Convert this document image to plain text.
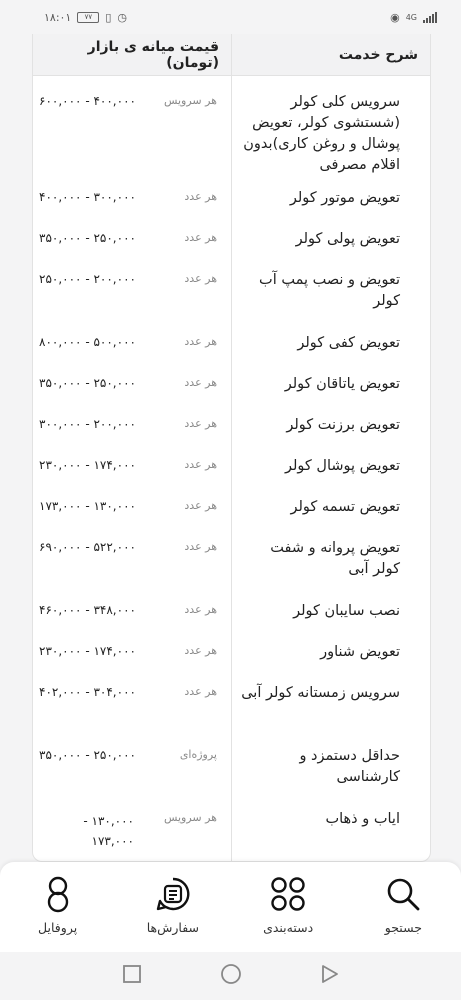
۱۸:۰۱	۷۷	▯ ◷	◉ 4G
شرح خدمت
قیمت میانه ی بازار (تومان)
سرویس کلی کولر (شستشوی کولر، تعویض پوشال و روغن کاری)بدون اقلام مصرفی
هر سرویس
۴۰۰,۰۰۰ - ۶۰۰,۰۰۰
تعویض موتور کولر
هر عدد
۳۰۰,۰۰۰ - ۴۰۰,۰۰۰
تعویض پولی کولر
هر عدد
۲۵۰,۰۰۰ - ۳۵۰,۰۰۰
تعویض و نصب پمپ آب کولر
هر عدد
۲۰۰,۰۰۰ - ۲۵۰,۰۰۰
تعویض کفی کولر
هر عدد
۵۰۰,۰۰۰ - ۸۰۰,۰۰۰
تعویض یاتاقان کولر
هر عدد
۲۵۰,۰۰۰ - ۳۵۰,۰۰۰
تعویض برزنت کولر
هر عدد
۲۰۰,۰۰۰ - ۳۰۰,۰۰۰
تعویض پوشال کولر
هر عدد
۱۷۴,۰۰۰ - ۲۳۰,۰۰۰
تعویض تسمه کولر
هر عدد
۱۳۰,۰۰۰ - ۱۷۳,۰۰۰
تعویض پروانه و شفت کولر آبی
هر عدد
۵۲۲,۰۰۰ - ۶۹۰,۰۰۰
نصب سایبان کولر
هر عدد
۳۴۸,۰۰۰ - ۴۶۰,۰۰۰
تعویض شناور
هر عدد
۱۷۴,۰۰۰ - ۲۳۰,۰۰۰
سرویس زمستانه کولر آبی
هر عدد
۳۰۴,۰۰۰ - ۴۰۲,۰۰۰
حداقل دستمزد و کارشناسی
پروژه‌ای
۲۵۰,۰۰۰ - ۳۵۰,۰۰۰
ایاب و ذهاب
هر سرویس
۱۳۰,۰۰۰ - ۱۷۳,۰۰۰
پروفایل	سفارش‌ها	دسته‌بندی	جستجو
